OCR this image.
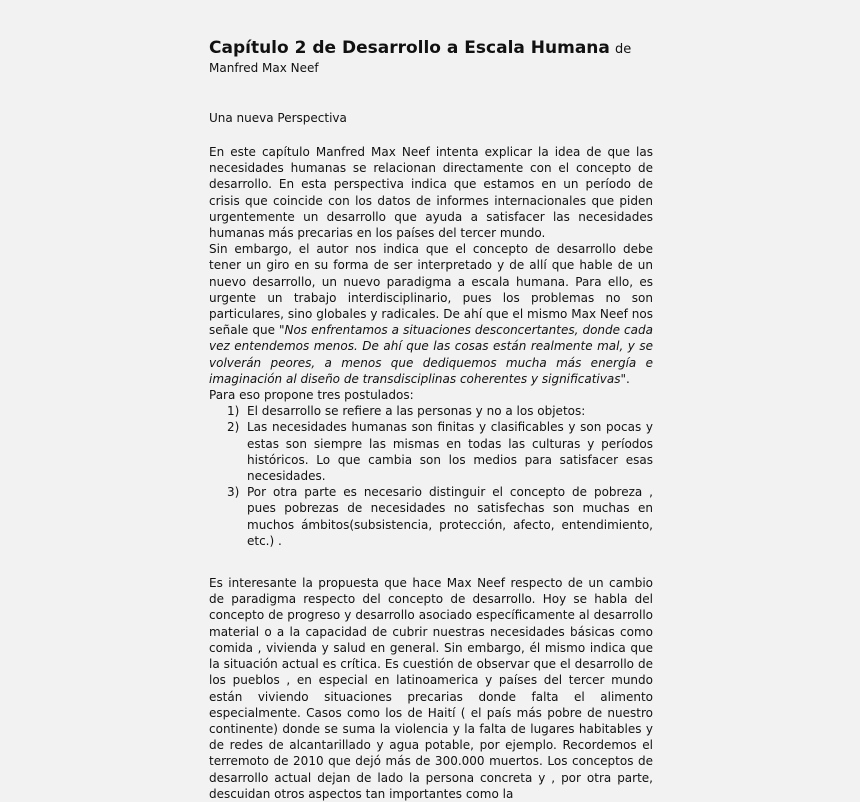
Capítulo 2 de Desarrollo a Escala Humana de

Manfred Max Neef

Una nueva Perspectiva

En este capítulo Manfred Max Neef intenta explicar la idea de que las necesidades humanas se relacionan directamente con el concepto de desarrollo. En esta perspectiva indica que estamos en un período de crisis que coincide con los datos de informes internacionales que piden urgentemente un desarrollo que ayuda a satisfacer las necesidades humanas más precarias en los países del tercer mundo.

Sin embargo, el autor nos indica que el concepto de desarrollo debe tener un giro en su forma de ser interpretado y de allí que hable de un nuevo desarrollo, un nuevo paradigma a escala humana. Para ello, es urgente un trabajo interdisciplinario, pues los problemas no son particulares, sino globales y radicales. De ahí que el mismo Max Neef nos señale que "Nos enfrentamos a situaciones desconcertantes, donde cada vez entendemos menos. De ahí que las cosas están realmente mal, y se volverán peores, a menos que dediquemos mucha más energía e imaginación al diseño de transdisciplinas coherentes y significativas".

Para eso propone tres postulados:

1) El desarrollo se refiere a las personas y no a los objetos:
2) Las necesidades humanas son finitas y clasificables y son pocas y estas son siempre las mismas en todas las culturas y períodos históricos. Lo que cambia son los medios para satisfacer esas necesidades.
3) Por otra parte es necesario distinguir el concepto de pobreza , pues pobrezas de necesidades no satisfechas son muchas en muchos ámbitos(subsistencia, protección, afecto, entendimiento, etc.) .

Es interesante la propuesta que hace Max Neef respecto de un cambio de paradigma respecto del concepto de desarrollo. Hoy se habla del concepto de progreso y desarrollo asociado específicamente al desarrollo material o a la capacidad de cubrir nuestras necesidades básicas como comida , vivienda y salud en general. Sin embargo, él mismo indica que la situación actual es crítica. Es cuestión de observar que el desarrollo de los pueblos , en especial en latinoamerica y países del tercer mundo están viviendo situaciones precarias donde falta el alimento especialmente. Casos como los de Haití ( el país más pobre de nuestro continente) donde se suma la violencia y la falta de lugares habitables y de redes de alcantarillado y agua potable, por ejemplo. Recordemos el terremoto de 2010 que dejó más de 300.000 muertos. Los conceptos de desarrollo actual dejan de lado la persona concreta y , por otra parte, descuidan otros aspectos tan importantes como la
